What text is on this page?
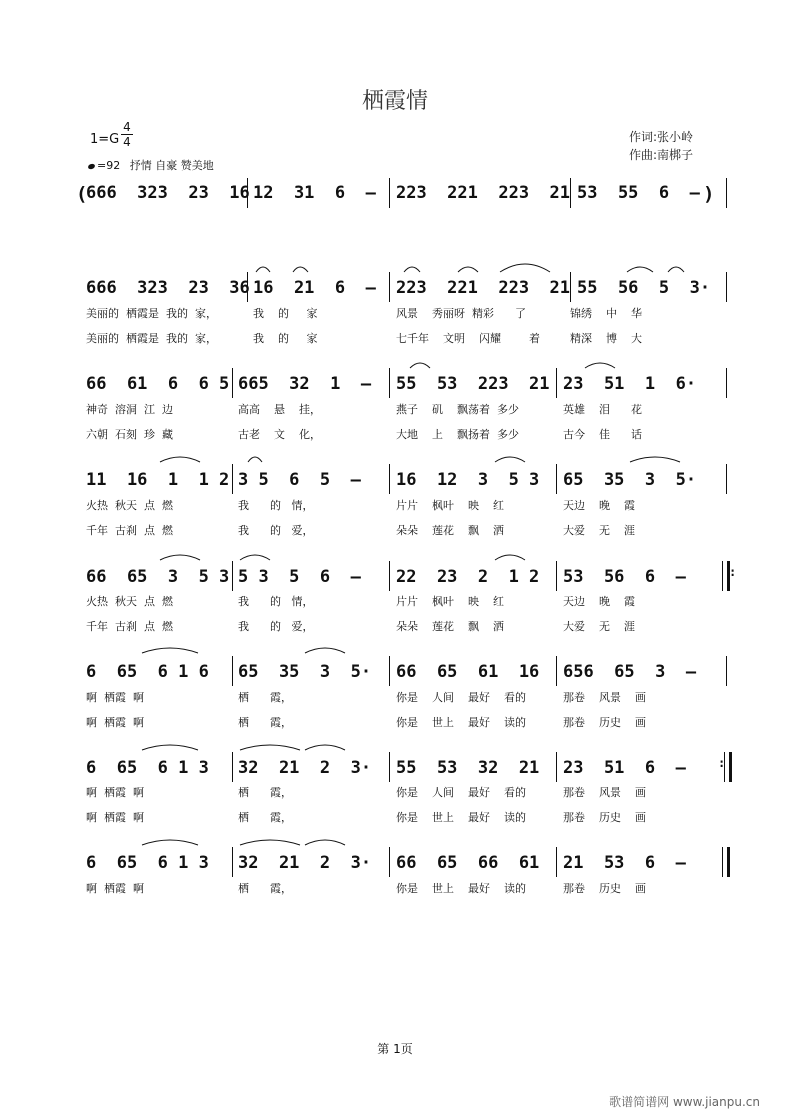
栖霞情
1=G
4
4
=92 抒情 自豪 赞美地
作词:张小岭
作曲:南梆子
(
666  323  23  16 12  31  6  — 223  221  223  21 53  55  6  — )
666  323  23  36 16  21  6  — 223  221  223  21 55  56  5  3·
美丽的  栖霞是  我的  家，	我    的     家	风景    秀丽呀  精彩      了	锦绣    中    华
美丽的  栖霞是  我的  家，	我    的     家	七千年    文明    闪耀        着	精深    博    大
66  61  6  6 5 665  32  1  — 55  53  223  21 23  51  1  6·
神奇  溶洞  江  边	高高    悬    挂，	燕子    矶    飘荡着  多少	英雄    泪      花
六朝  石刻  珍  藏	古老    文    化，	大地    上    飘扬着  多少	古今    佳      话
11  16  1  1 2 3 5  6  5  — 16  12  3  5 3 65  35  3  5·
火热  秋天  点  燃	我      的   情，	片片    枫叶    映    红	天边    晚    霞
千年  古刹  点  燃	我      的   爱，	朵朵    莲花    飘    洒	大爱    无    涯
66  65  3  5 3 5 3  5  6  — 22  23  2  1 2 53  56  6  —	:
火热  秋天  点  燃	我      的   情，	片片    枫叶    映    红	天边    晚    霞
千年  古刹  点  燃	我      的   爱，	朵朵    莲花    飘    洒	大爱    无    涯
6  65  6 1 6 65  35  3  5· 66  65  61  16 656  65  3  —
啊  栖霞  啊	栖      霞，	你是    人间    最好    看的	那卷    风景    画
啊  栖霞  啊	栖      霞，	你是    世上    最好    读的	那卷    历史    画
6  65  6 1 3 32  21  2  3· 55  53  32  21 23  51  6  —	:
啊  栖霞  啊	栖      霞，	你是    人间    最好    看的	那卷    风景    画
啊  栖霞  啊	栖      霞，	你是    世上    最好    读的	那卷    历史    画
6  65  6 1 3 32  21  2  3· 66  65  66  61 21  53  6  —
啊  栖霞  啊	栖      霞，	你是    世上    最好    读的	那卷    历史    画
第 1页
歌谱简谱网 www.jianpu.cn
